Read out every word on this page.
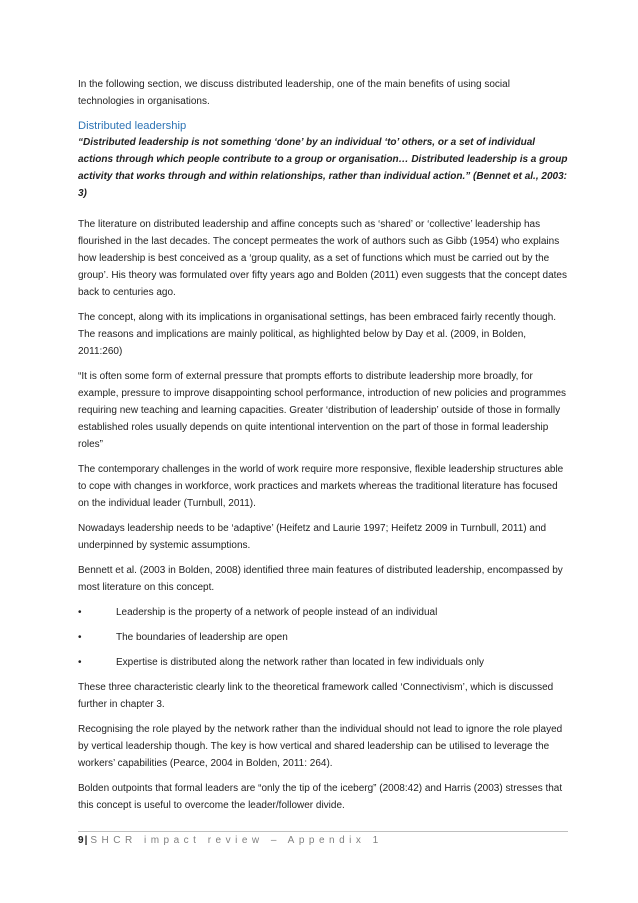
In the following section, we discuss distributed leadership, one of the main benefits of using social technologies in organisations.

Distributed leadership

“Distributed leadership is not something ‘done’ by an individual ‘to’ others, or a set of individual actions through which people contribute to a group or organisation… Distributed leadership is a group activity that works through and within relationships, rather than individual action.” (Bennet et al., 2003: 3)

The literature on distributed leadership and affine concepts such as ‘shared’ or ‘collective’ leadership has flourished in the last decades. The concept permeates the work of authors such as Gibb (1954) who explains how leadership is best conceived as a ‘group quality, as a set of functions which must be carried out by the group’. His theory was formulated over fifty years ago and Bolden (2011) even suggests that the concept dates back to centuries ago.

The concept, along with its implications in organisational settings, has been embraced fairly recently though. The reasons and implications are mainly political, as highlighted below by Day et al. (2009, in Bolden, 2011:260)

“It is often some form of external pressure that prompts efforts to distribute leadership more broadly, for example, pressure to improve disappointing school performance, introduction of new policies and programmes requiring new teaching and learning capacities. Greater ‘distribution of leadership’ outside of those in formally established roles usually depends on quite intentional intervention on the part of those in formal leadership roles”

The contemporary challenges in the world of work require more responsive, flexible leadership structures able to cope with changes in workforce, work practices and markets whereas the traditional literature has focused on the individual leader (Turnbull, 2011).

Nowadays leadership needs to be ‘adaptive’ (Heifetz and Laurie 1997; Heifetz 2009 in Turnbull, 2011) and underpinned by systemic assumptions.

Bennett et al. (2003 in Bolden, 2008) identified three main features of distributed leadership, encompassed by most literature on this concept.

•	Leadership is the property of a network of people instead of an individual
•	The boundaries of leadership are open
•	Expertise is distributed along the network rather than located in few individuals only

These three characteristic clearly link to the theoretical framework called ‘Connectivism’, which is discussed further in chapter 3.

Recognising the role played by the network rather than the individual should not lead to ignore the role played by vertical leadership though. The key is how vertical and shared leadership can be utilised to leverage the workers’ capabilities (Pearce, 2004 in Bolden, 2011: 264).

Bolden outpoints that formal leaders are “only the tip of the iceberg” (2008:42) and Harris (2003) stresses that this concept is useful to overcome the leader/follower divide.

9| SHCR impact review – Appendix 1
